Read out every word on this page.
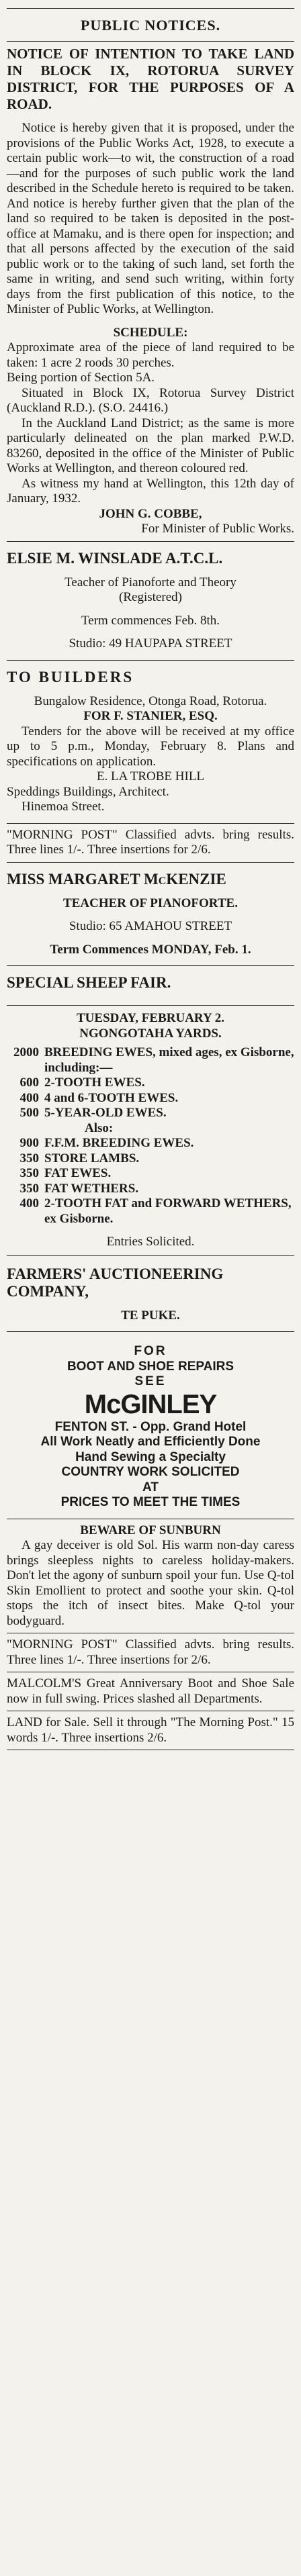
PUBLIC NOTICES.
NOTICE OF INTENTION TO TAKE LAND IN BLOCK IX, ROTORUA SURVEY DISTRICT, FOR THE PURPOSES OF A ROAD.

Notice is hereby given that it is proposed, under the provisions of the Public Works Act, 1928, to execute a certain public work—to wit, the construction of a road—and for the purposes of such public work the land described in the Schedule hereto is required to be taken. And notice is hereby further given that the plan of the land so required to be taken is deposited in the post-office at Mamaku, and is there open for inspection; and that all persons affected by the execution of the said public work or to the taking of such land, set forth the same in writing, and send such writing, within forty days from the first publication of this notice, to the Minister of Public Works, at Wellington.

SCHEDULE:

Approximate area of the piece of land required to be taken: 1 acre 2 roods 30 perches.

Being portion of Section 5A.

Situated in Block IX, Rotorua Survey District (Auckland R.D.). (S.O. 24416.)

In the Auckland Land District; as the same is more particularly delineated on the plan marked P.W.D. 83260, deposited in the office of the Minister of Public Works at Wellington, and thereon coloured red.

As witness my hand at Wellington, this 12th day of January, 1932.

JOHN G. COBBE,

For Minister of Public Works.

ELSIE M. WINSLADE A.T.C.L.

Teacher of Pianoforte and Theory

(Registered)

Term commences Feb. 8th.

Studio: 49 HAUPAPA STREET

TO BUILDERS

Bungalow Residence, Otonga Road, Rotorua.

FOR F. STANIER, ESQ.

Tenders for the above will be received at my office up to 5 p.m., Monday, February 8. Plans and specifications on application.

E. LA TROBE HILL

Speddings Buildings, Architect.

Hinemoa Street.

"MORNING POST" Classified advts. bring results. Three lines 1/-. Three insertions for 2/6.

MISS MARGARET McKENZIE

TEACHER OF PIANOFORTE.

Studio: 65 AMAHOU STREET

Term Commences MONDAY, Feb. 1.

SPECIAL SHEEP FAIR.

TUESDAY, FEBRUARY 2.

NGONGOTAHA YARDS.

2000	BREEDING EWES, mixed ages, ex Gisborne, including:—
600	2-TOOTH EWES.
400	4 and 6-TOOTH EWES.
500	5-YEAR-OLD EWES.
	Also:
900	F.F.M. BREEDING EWES.
350	STORE LAMBS.
350	FAT EWES.
350	FAT WETHERS.
400	2-TOOTH FAT and FORWARD WETHERS, ex Gisborne.

Entries Solicited.

FARMERS' AUCTIONEERING COMPANY,

TE PUKE.

FOR

BOOT AND SHOE REPAIRS

SEE

McGINLEY

FENTON ST. - Opp. Grand Hotel

All Work Neatly and Efficiently Done

Hand Sewing a Specialty

COUNTRY WORK SOLICITED

AT

PRICES TO MEET THE TIMES

BEWARE OF SUNBURN

A gay deceiver is old Sol. His warm non-day caress brings sleepless nights to careless holiday-makers. Don't let the agony of sunburn spoil your fun. Use Q-tol Skin Emollient to protect and soothe your skin. Q-tol stops the itch of insect bites. Make Q-tol your bodyguard.

"MORNING POST" Classified advts. bring results. Three lines 1/-. Three insertions for 2/6.

MALCOLM'S Great Anniversary Boot and Shoe Sale now in full swing. Prices slashed all Departments.

LAND for Sale. Sell it through "The Morning Post." 15 words 1/-. Three insertions 2/6.
